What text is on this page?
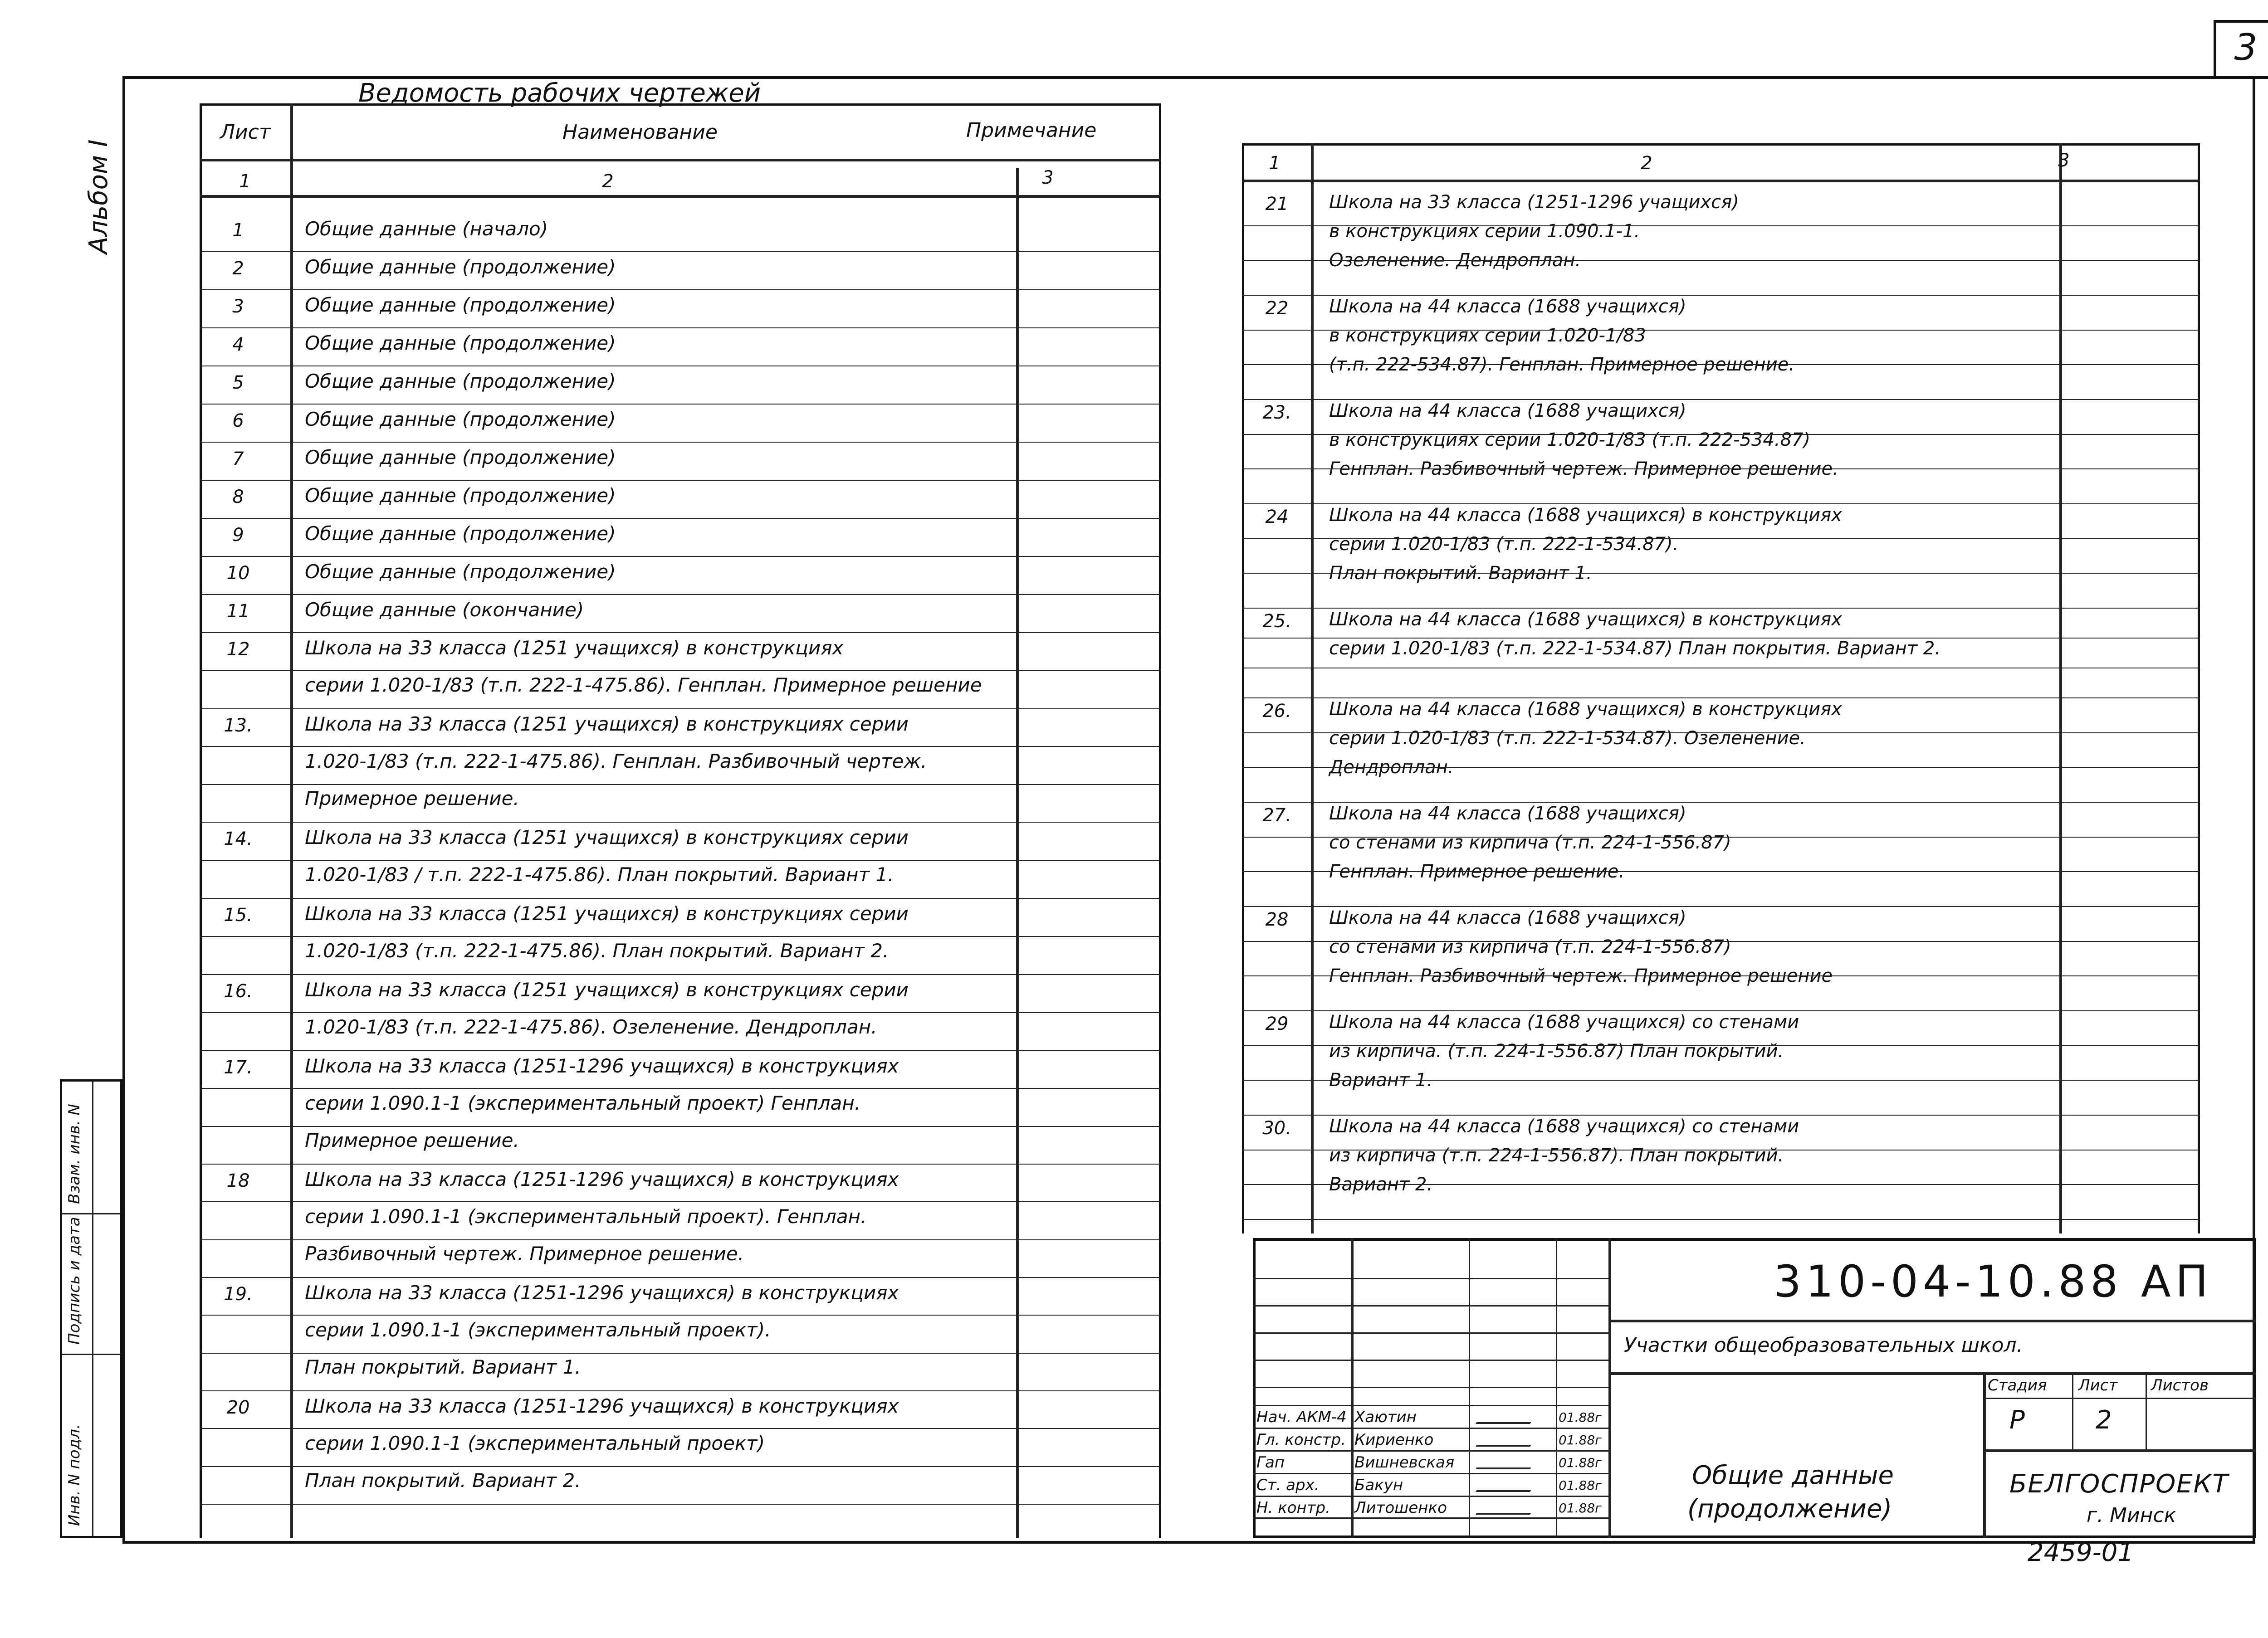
3
Альбом I
Взам. инв. N
Подпись и дата
Инв. N подл.
Ведомость рабочих чертежей
Лист	Наименование	Примечание
1	2	3
1	Общие данные (начало)
2	Общие данные (продолжение)
3	Общие данные (продолжение)
4	Общие данные (продолжение)
5	Общие данные (продолжение)
6	Общие данные (продолжение)
7	Общие данные (продолжение)
8	Общие данные (продолжение)
9	Общие данные (продолжение)
10	Общие данные (продолжение)
11	Общие данные (окончание)
12	Школа на 33 класса (1251 учащихся) в конструкциях
серии 1.020-1/83 (т.п. 222-1-475.86). Генплан. Примерное решение
13.	Школа на 33 класса (1251 учащихся) в конструкциях серии
1.020-1/83 (т.п. 222-1-475.86). Генплан. Разбивочный чертеж.
Примерное решение.
14.	Школа на 33 класса (1251 учащихся) в конструкциях серии
1.020-1/83 / т.п. 222-1-475.86). План покрытий. Вариант 1.
15.	Школа на 33 класса (1251 учащихся) в конструкциях серии
1.020-1/83 (т.п. 222-1-475.86). План покрытий. Вариант 2.
16.	Школа на 33 класса (1251 учащихся) в конструкциях серии
1.020-1/83 (т.п. 222-1-475.86). Озеленение. Дендроплан.
17.	Школа на 33 класса (1251-1296 учащихся) в конструкциях
серии 1.090.1-1 (экспериментальный проект) Генплан.
Примерное решение.
18	Школа на 33 класса (1251-1296 учащихся) в конструкциях
серии 1.090.1-1 (экспериментальный проект). Генплан.
Разбивочный чертеж. Примерное решение.
19.	Школа на 33 класса (1251-1296 учащихся) в конструкциях
серии 1.090.1-1 (экспериментальный проект).
План покрытий. Вариант 1.
20	Школа на 33 класса (1251-1296 учащихся) в конструкциях
серии 1.090.1-1 (экспериментальный проект)
План покрытий. Вариант 2.
1	2	3
21	Школа на 33 класса (1251-1296 учащихся)
в конструкциях серии 1.090.1-1.
Озеленение. Дендроплан.
22	Школа на 44 класса (1688 учащихся)
в конструкциях серии 1.020-1/83
(т.п. 222-534.87). Генплан. Примерное решение.
23.	Школа на 44 класса (1688 учащихся)
в конструкциях серии 1.020-1/83 (т.п. 222-534.87)
Генплан. Разбивочный чертеж. Примерное решение.
24	Школа на 44 класса (1688 учащихся) в конструкциях
серии 1.020-1/83 (т.п. 222-1-534.87).
План покрытий. Вариант 1.
25.	Школа на 44 класса (1688 учащихся) в конструкциях
серии 1.020-1/83 (т.п. 222-1-534.87) План покрытия. Вариант 2.
26.	Школа на 44 класса (1688 учащихся) в конструкциях
серии 1.020-1/83 (т.п. 222-1-534.87). Озеленение.
Дендроплан.
27.	Школа на 44 класса (1688 учащихся)
со стенами из кирпича (т.п. 224-1-556.87)
Генплан. Примерное решение.
28	Школа на 44 класса (1688 учащихся)
со стенами из кирпича (т.п. 224-1-556.87)
Генплан. Разбивочный чертеж. Примерное решение
29	Школа на 44 класса (1688 учащихся) со стенами
из кирпича. (т.п. 224-1-556.87) План покрытий.
Вариант 1.
30.	Школа на 44 класса (1688 учащихся) со стенами
из кирпича (т.п. 224-1-556.87). План покрытий.
Вариант 2.
310-04-10.88 АП
Участки общеобразовательных школ.
Стадия Лист Листов
Р	2
Общие данные
(продолжение)
БЕЛГОСПРОЕКТ
г. Минск
Нач. АКМ-4 Хаютин	01.88г
Гл. констр. Кириенко	01.88г
Гап	Вишневская	01.88г
Ст. арх. Бакун	01.88г
Н. контр. Литошенко	01.88г
2459-01
